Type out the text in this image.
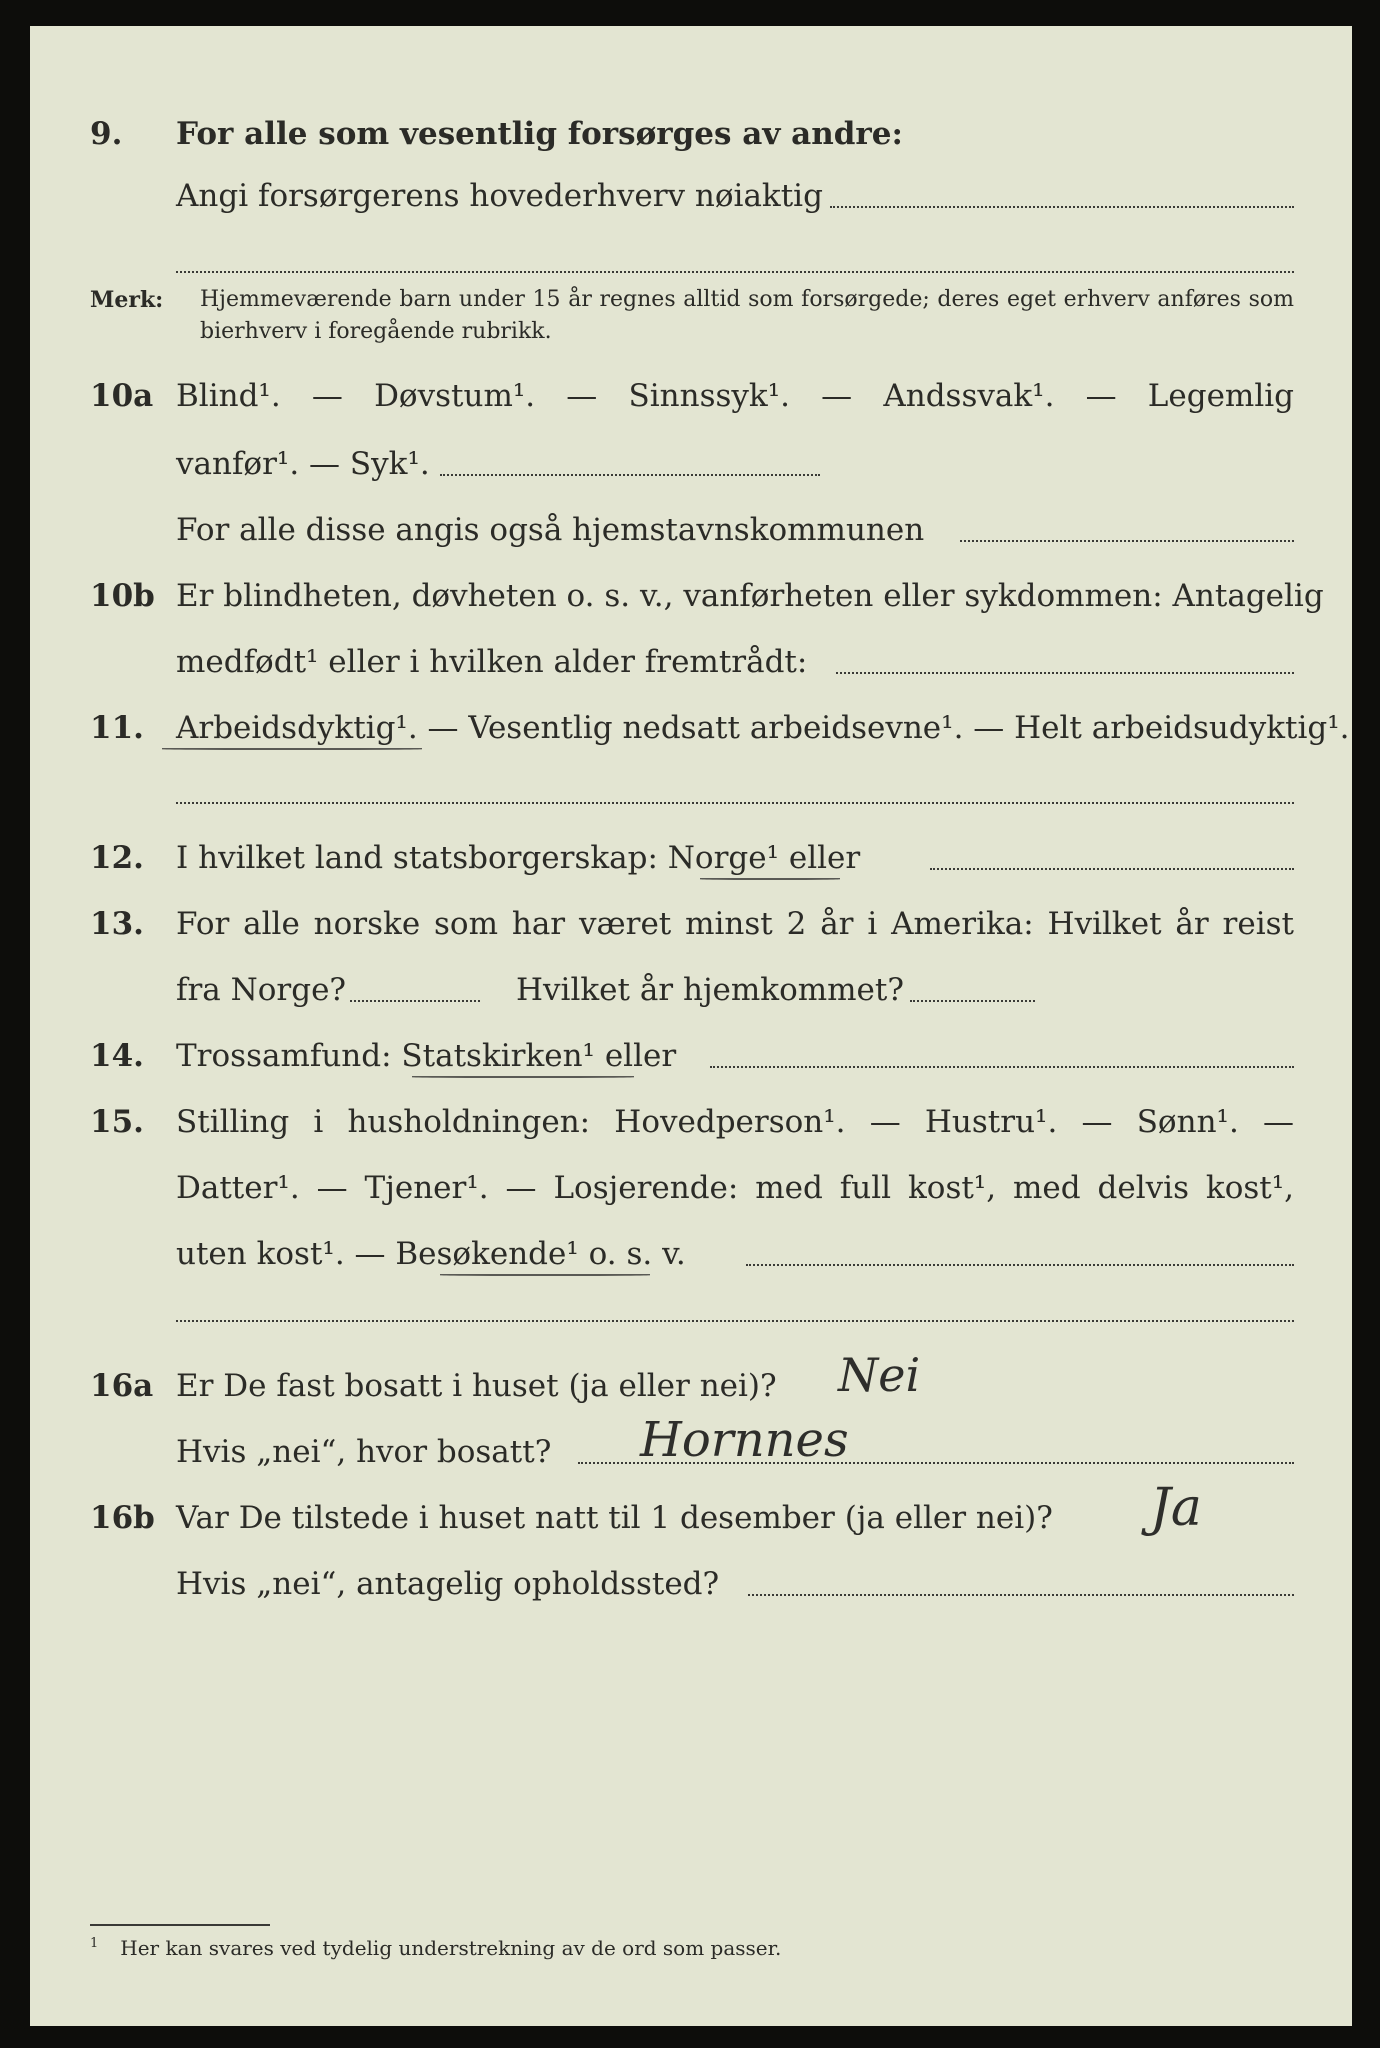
9. For alle som vesentlig forsørges av andre:
Angi forsørgerens hovederhverv nøiaktig
Merk: Hjemmeværende barn under 15 år regnes alltid som forsørgede; deres eget erhverv anføres som bierhverv i foregående rubrikk.
10a Blind¹. — Døvstum¹. — Sinnssyk¹. — Andssvak¹. — Legemlig
vanfør¹. — Syk¹.
For alle disse angis også hjemstavnskommunen
10b Er blindheten, døvheten o. s. v., vanførheten eller sykdommen: Antagelig
medfødt¹ eller i hvilken alder fremtrådt:
11. Arbeidsdyktig¹. — Vesentlig nedsatt arbeidsevne¹. — Helt arbeidsudyktig¹.
12. I hvilket land statsborgerskap: Norge¹ eller
13. For alle norske som har været minst 2 år i Amerika: Hvilket år reist
fra Norge?	Hvilket år hjemkommet?
14. Trossamfund: Statskirken¹ eller
15. Stilling i husholdningen: Hovedperson¹. — Hustru¹. — Sønn¹. —
Datter¹. — Tjener¹. — Losjerende: med full kost¹, med delvis kost¹,
uten kost¹. — Besøkende¹ o. s. v.
16a Er De fast bosatt i huset (ja eller nei)? Nei
Hvis „nei“, hvor bosatt? Hornnes
16b Var De tilstede i huset natt til 1 desember (ja eller nei)? Ja
Hvis „nei“, antagelig opholdssted?
$^1$ Her kan svares ved tydelig understrekning av de ord som passer.
